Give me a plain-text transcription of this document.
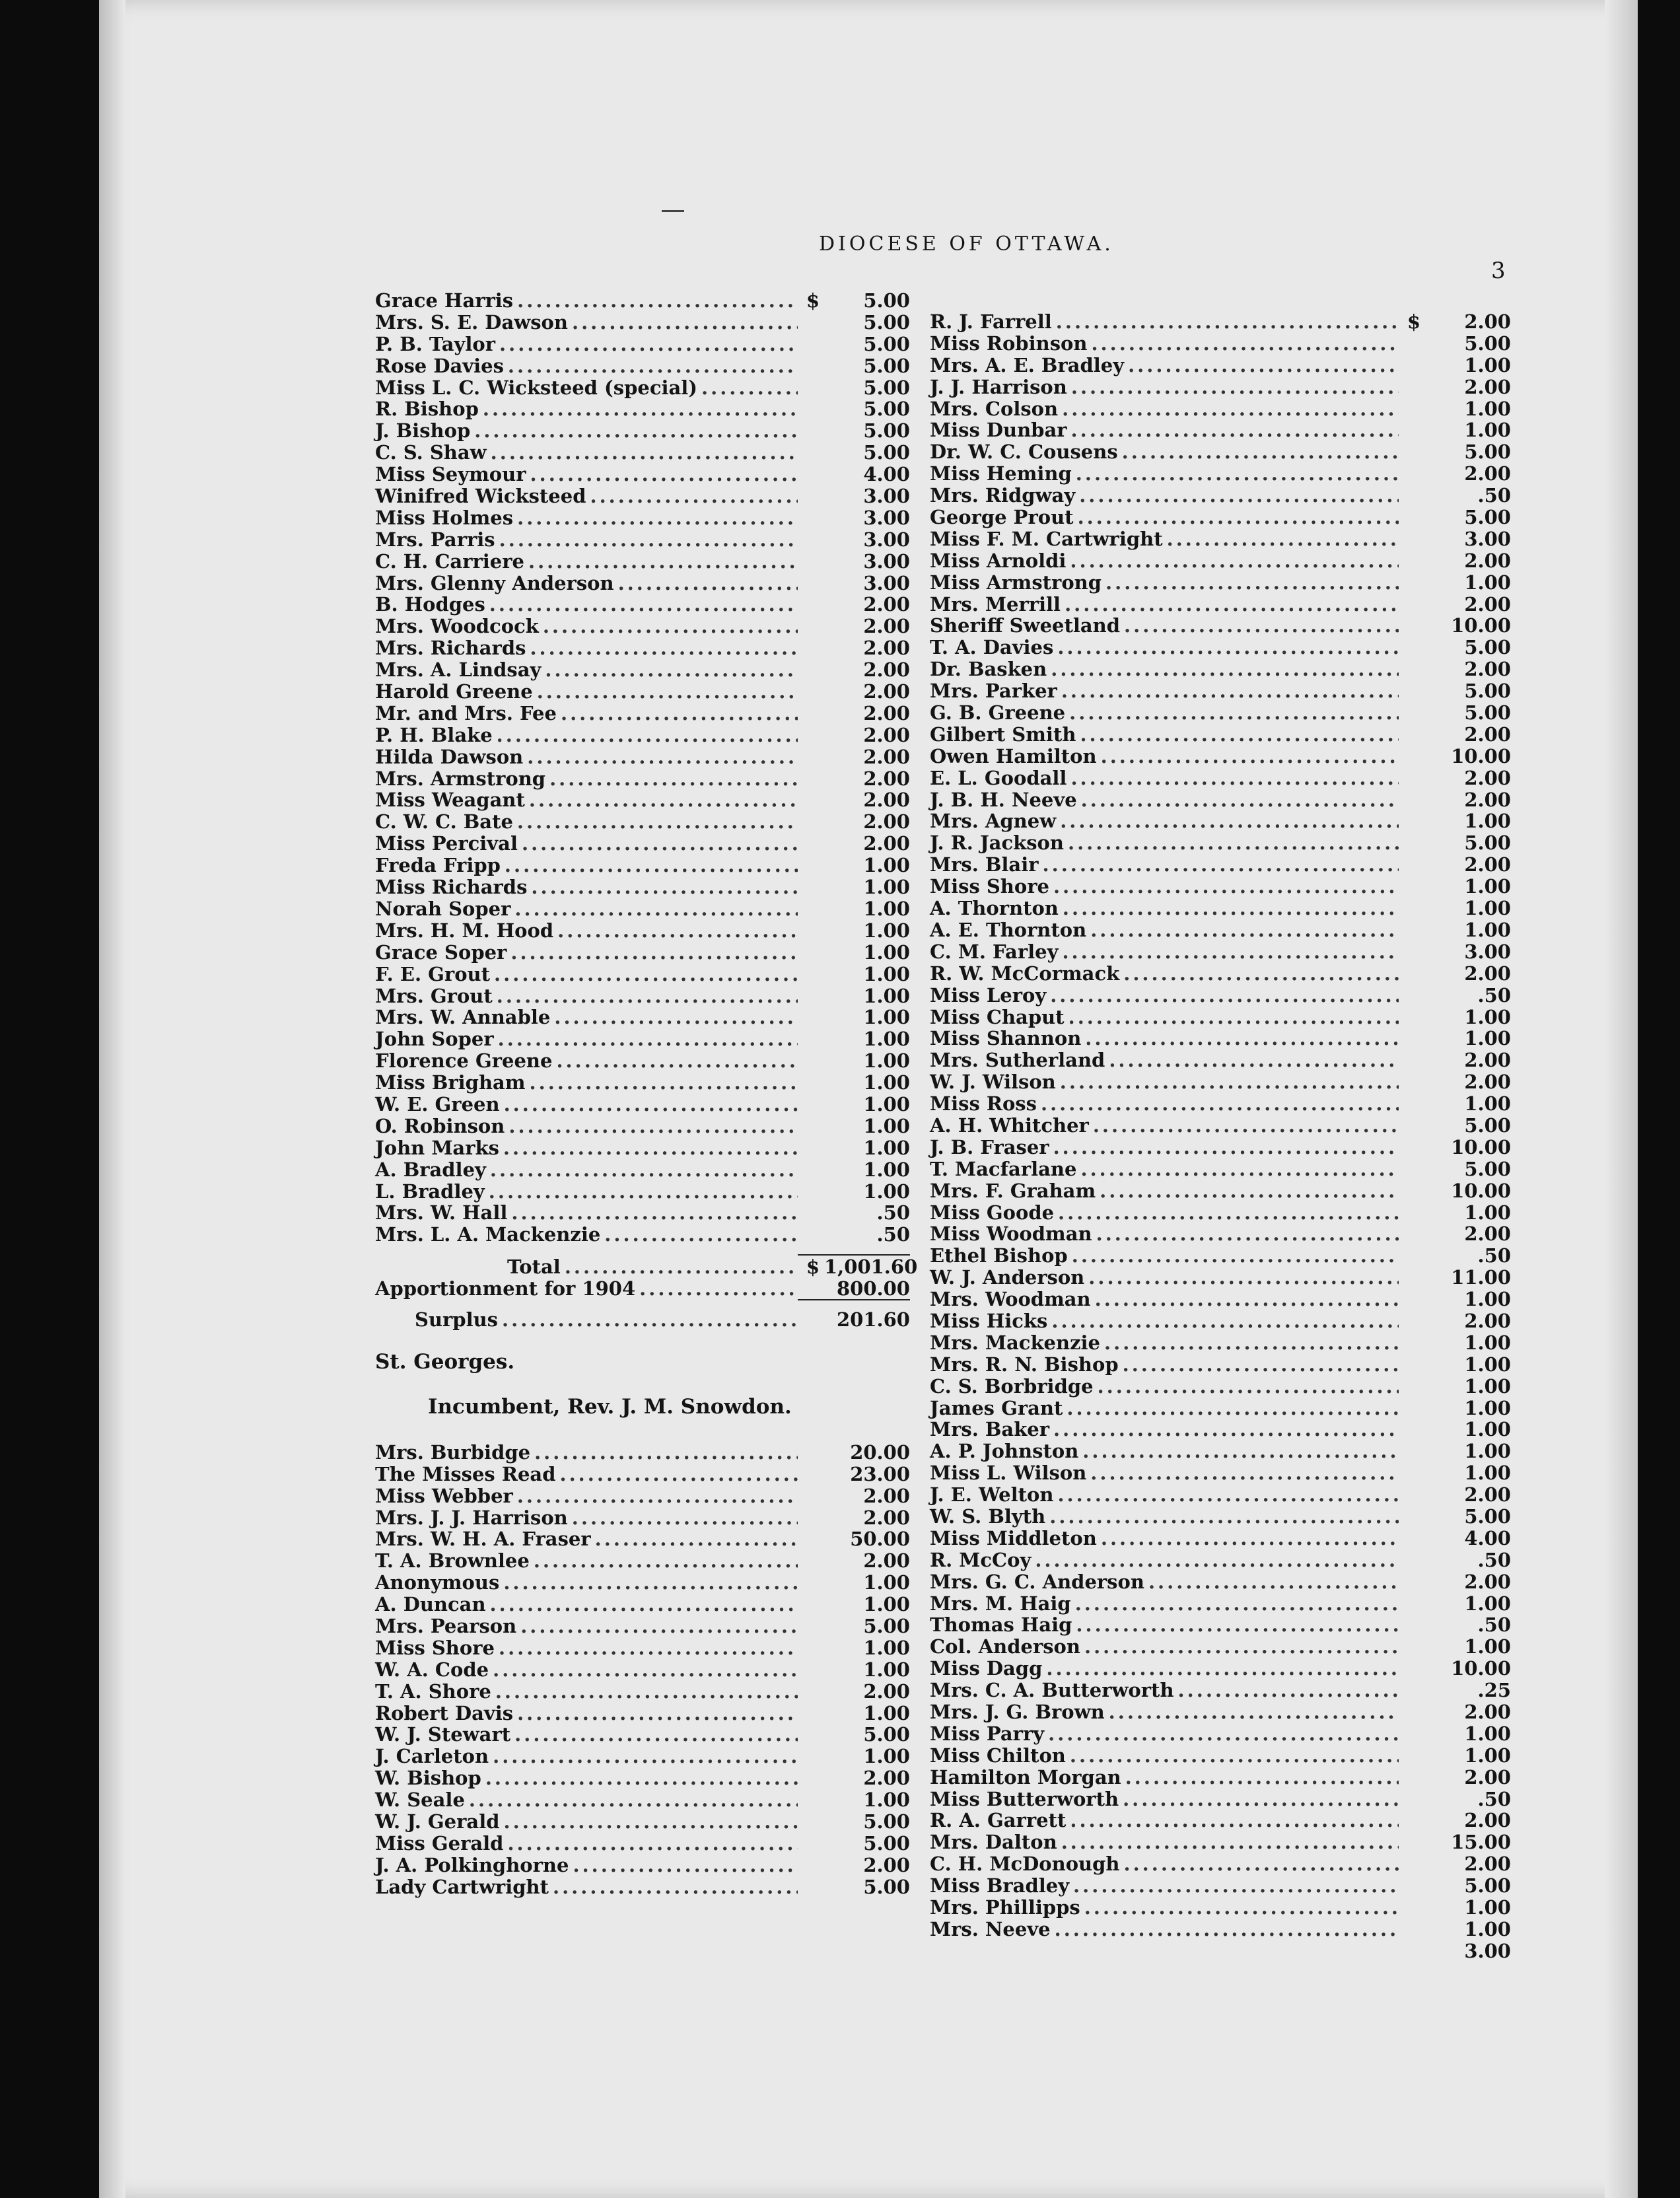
DIOCESE OF OTTAWA.
3
Grace Harris .....	$	5.00
Mrs. S. E. Dawson .....	5.00
P. B. Taylor .....	5.00
Rose Davies .....	5.00
Miss L. C. Wicksteed (special) .....	5.00
R. Bishop .....	5.00
J. Bishop .....	5.00
C. S. Shaw .....	5.00
Miss Seymour .....	4.00
Winifred Wicksteed .....	3.00
Miss Holmes .....	3.00
Mrs. Parris .....	3.00
C. H. Carriere .....	3.00
Mrs. Glenny Anderson .....	3.00
B. Hodges .....	2.00
Mrs. Woodcock .....	2.00
Mrs. Richards .....	2.00
Mrs. A. Lindsay .....	2.00
Harold Greene .....	2.00
Mr. and Mrs. Fee .....	2.00
P. H. Blake .....	2.00
Hilda Dawson .....	2.00
Mrs. Armstrong .....	2.00
Miss Weagant .....	2.00
C. W. C. Bate .....	2.00
Miss Percival .....	2.00
Freda Fripp .....	1.00
Miss Richards .....	1.00
Norah Soper .....	1.00
Mrs. H. M. Hood .....	1.00
Grace Soper .....	1.00
F. E. Grout .....	1.00
Mrs. Grout .....	1.00
Mrs. W. Annable .....	1.00
John Soper .....	1.00
Florence Greene .....	1.00
Miss Brigham .....	1.00
W. E. Green .....	1.00
O. Robinson .....	1.00
John Marks .....	1.00
A. Bradley .....	1.00
L. Bradley .....	1.00
Mrs. W. Hall .....	.50
Mrs. L. A. Mackenzie .....	.50
Total .....	$ 1,001.60
Apportionment for 1904 .....	800.00
Surplus .....	201.60
St. Georges.
Incumbent, Rev. J. M. Snowdon.
Mrs. Burbidge .....	20.00
The Misses Read .....	23.00
Miss Webber .....	2.00
Mrs. J. J. Harrison .....	2.00
Mrs. W. H. A. Fraser .....	50.00
T. A. Brownlee .....	2.00
Anonymous .....	1.00
A. Duncan .....	1.00
Mrs. Pearson .....	5.00
Miss Shore .....	1.00
W. A. Code .....	1.00
T. A. Shore .....	2.00
Robert Davis .....	1.00
W. J. Stewart .....	5.00
J. Carleton .....	1.00
W. Bishop .....	2.00
W. Seale .....	1.00
W. J. Gerald .....	5.00
Miss Gerald .....	5.00
J. A. Polkinghorne .....	2.00
Lady Cartwright .....	5.00
R. J. Farrell .....	$	2.00
Miss Robinson .....	5.00
Mrs. A. E. Bradley .....	1.00
J. J. Harrison .....	2.00
Mrs. Colson .....	1.00
Miss Dunbar .....	1.00
Dr. W. C. Cousens .....	5.00
Miss Heming .....	2.00
Mrs. Ridgway .....	.50
George Prout .....	5.00
Miss F. M. Cartwright .....	3.00
Miss Arnoldi .....	2.00
Miss Armstrong .....	1.00
Mrs. Merrill .....	2.00
Sheriff Sweetland .....	10.00
T. A. Davies .....	5.00
Dr. Basken .....	2.00
Mrs. Parker .....	5.00
G. B. Greene .....	5.00
Gilbert Smith .....	2.00
Owen Hamilton .....	10.00
E. L. Goodall .....	2.00
J. B. H. Neeve .....	2.00
Mrs. Agnew .....	1.00
J. R. Jackson .....	5.00
Mrs. Blair .....	2.00
Miss Shore .....	1.00
A. Thornton .....	1.00
A. E. Thornton .....	1.00
C. M. Farley .....	3.00
R. W. McCormack .....	2.00
Miss Leroy .....	.50
Miss Chaput .....	1.00
Miss Shannon .....	1.00
Mrs. Sutherland .....	2.00
W. J. Wilson .....	2.00
Miss Ross .....	1.00
A. H. Whitcher .....	5.00
J. B. Fraser .....	10.00
T. Macfarlane .....	5.00
Mrs. F. Graham .....	10.00
Miss Goode .....	1.00
Miss Woodman .....	2.00
Ethel Bishop .....	.50
W. J. Anderson .....	11.00
Mrs. Woodman .....	1.00
Miss Hicks .....	2.00
Mrs. Mackenzie .....	1.00
Mrs. R. N. Bishop .....	1.00
C. S. Borbridge .....	1.00
James Grant .....	1.00
Mrs. Baker .....	1.00
A. P. Johnston .....	1.00
Miss L. Wilson .....	1.00
J. E. Welton .....	2.00
W. S. Blyth .....	5.00
Miss Middleton .....	4.00
R. McCoy .....	.50
Mrs. G. C. Anderson .....	2.00
Mrs. M. Haig .....	1.00
Thomas Haig .....	.50
Col. Anderson .....	1.00
Miss Dagg .....	10.00
Mrs. C. A. Butterworth .....	.25
Mrs. J. G. Brown .....	2.00
Miss Parry .....	1.00
Miss Chilton .....	1.00
Hamilton Morgan .....	2.00
Miss Butterworth .....	.50
R. A. Garrett .....	2.00
Mrs. Dalton .....	15.00
C. H. McDonough .....	2.00
Miss Bradley .....	5.00
Mrs. Phillipps .....	1.00
Mrs. Neeve .....	1.00
3.00
